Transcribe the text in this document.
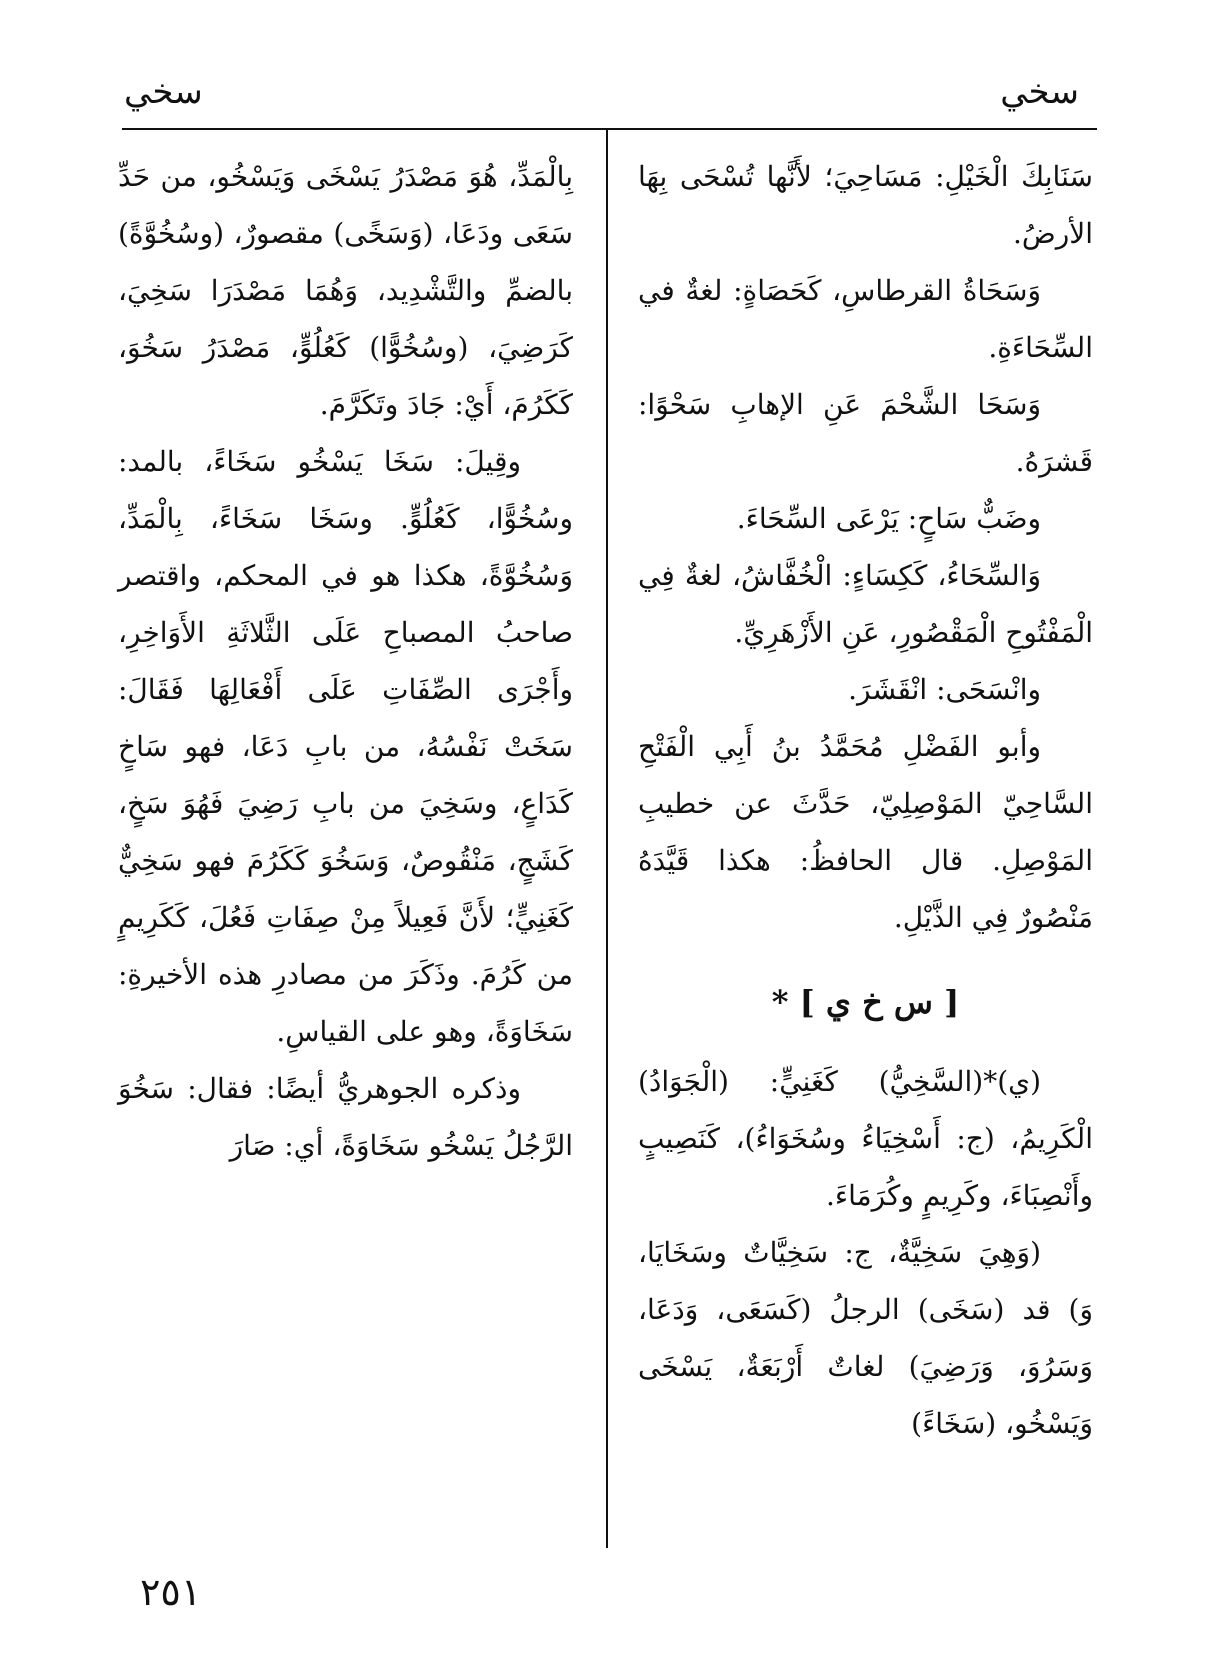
سخي
سخي

سَنَابِكَ الْخَيْلِ: مَسَاحِيَ؛ لأَنَّها تُسْحَى بِهَا الأرضُ.

وَسَحَاةُ القرطاسِ، كَحَصَاةٍ: لغةٌ في السِّحَاءَةِ.

وَسَحَا الشَّحْمَ عَنِ الإهابِ سَحْوًا: قَشرَهُ.

وضَبٌّ سَاحٍ: يَرْعَى السِّحَاءَ.

وَالسِّحَاءُ، كَكِسَاءٍ: الْخُفَّاشُ، لغةٌ فِي الْمَفْتُوحِ الْمَقْصُورِ، عَنِ الأَزْهَرِيِّ.

وانْسَحَى: انْقَشَرَ.

وأبو الفَضْلِ مُحَمَّدُ بنُ أَبِي الْفَتْحِ السَّاحِيّ المَوْصِلِيّ، حَدَّثَ عن خطيبِ المَوْصِلِ. قال الحافظُ: هكذا قَيَّدَهُ مَنْصُورٌ فِي الذَّيْلِ.

[ س خ ي ] *

(ي)*(السَّخِيُّ) كَغَنِيٍّ: (الْجَوَادُ) الْكَرِيمُ، (ج: أَسْخِيَاءُ وسُخَوَاءُ)، كَنَصِيبٍ وأَنْصِبَاءَ، وكَرِيمٍ وكُرَمَاءَ.

(وَهِيَ سَخِيَّةٌ، ج: سَخِيَّاتٌ وسَخَايَا، وَ) قد (سَخَى) الرجلُ (كَسَعَى، وَدَعَا، وَسَرُوَ، وَرَضِيَ) لغاتٌ أَرْبَعَةٌ، يَسْخَى وَيَسْخُو، (سَخَاءً)

بِالْمَدِّ، هُوَ مَصْدَرُ يَسْخَى وَيَسْخُو، من حَدِّ سَعَى ودَعَا، (وَسَخًى) مقصورٌ، (وسُخُوَّةً) بالضمِّ والتَّشْدِيد، وَهُمَا مَصْدَرَا سَخِيَ، كَرَضِيَ، (وسُخُوًّا) كَعُلُوٍّ، مَصْدَرُ سَخُوَ، كَكَرُمَ، أَيْ: جَادَ وتَكَرَّمَ.

وقِيلَ: سَخَا يَسْخُو سَخَاءً، بالمد: وسُخُوًّا، كَعُلُوٍّ. وسَخَا سَخَاءً، بِالْمَدِّ، وَسُخُوَّةً، هكذا هو في المحكم، واقتصر صاحبُ المصباحِ عَلَى الثَّلاثَةِ الأَوَاخِرِ، وأَجْرَى الصِّفَاتِ عَلَى أَفْعَالِهَا فَقَالَ: سَخَتْ نَفْسُهُ، من بابِ دَعَا، فهو سَاخٍ كَدَاعٍ، وسَخِيَ من بابِ رَضِيَ فَهُوَ سَخٍ، كَشَجٍ، مَنْقُوصٌ، وَسَخُوَ كَكَرُمَ فهو سَخِيٌّ كَغَنِيٍّ؛ لأَنَّ فَعِيلاً مِنْ صِفَاتِ فَعُلَ، كَكَرِيمٍ من كَرُمَ. وذَكَرَ من مصادرِ هذه الأخيرةِ: سَخَاوَةً، وهو على القياسِ.

وذكره الجوهريُّ أيضًا: فقال: سَخُوَ الرَّجُلُ يَسْخُو سَخَاوَةً، أي: صَارَ

٢٥١
